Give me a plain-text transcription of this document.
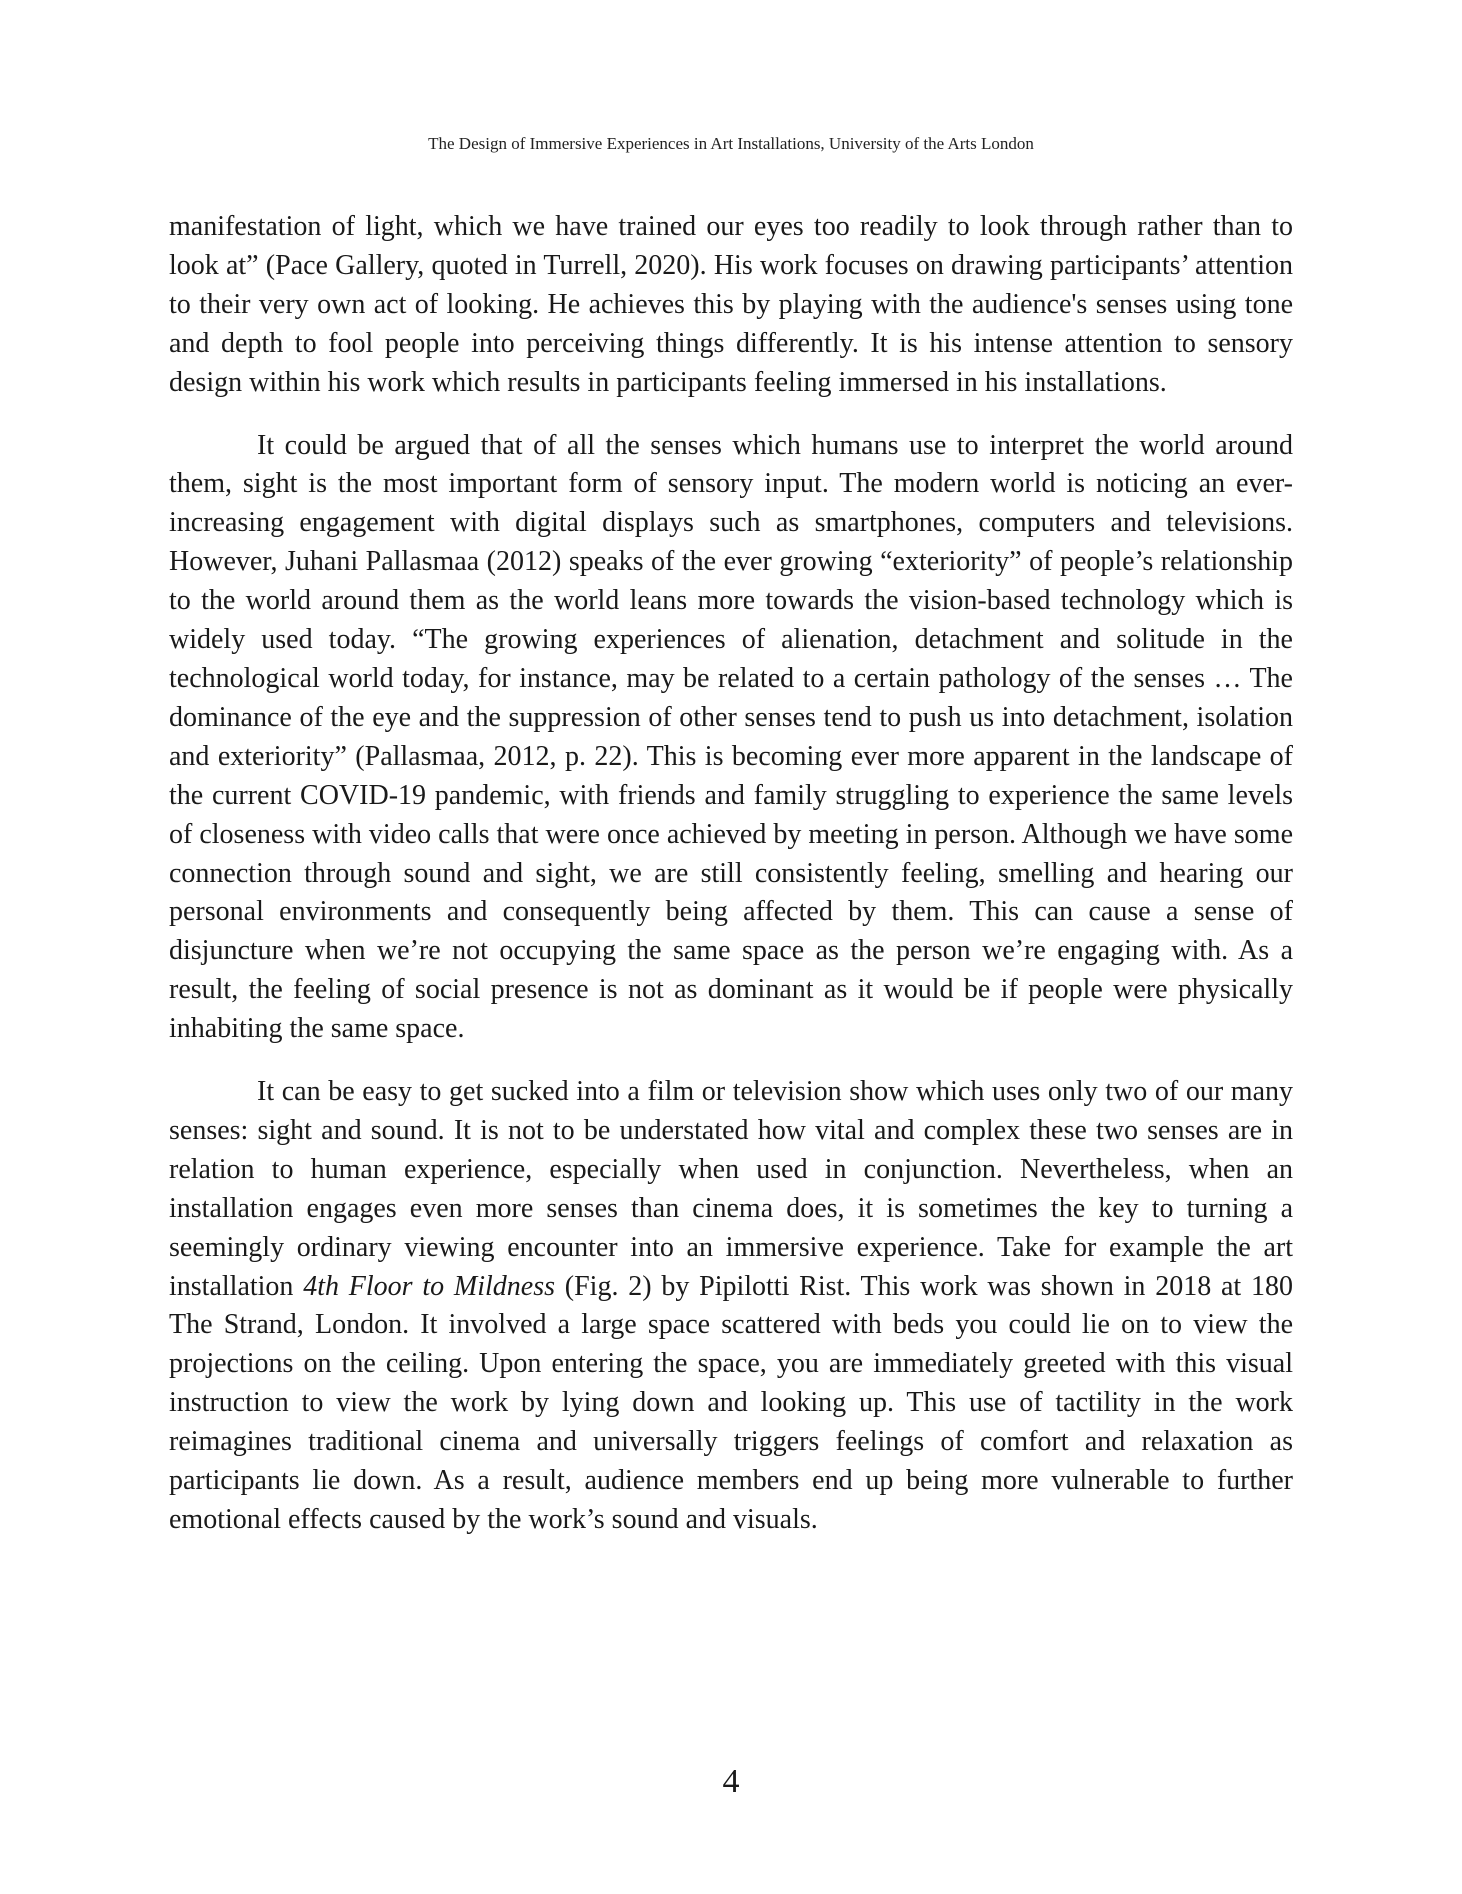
The Design of Immersive Experiences in Art Installations, University of the Arts London

manifestation of light, which we have trained our eyes too readily to look through rather than to look at” (Pace Gallery, quoted in Turrell, 2020). His work focuses on drawing participants’ attention to their very own act of looking. He achieves this by playing with the audience's senses using tone and depth to fool people into perceiving things differently. It is his intense attention to sensory design within his work which results in participants feeling immersed in his installations.

It could be argued that of all the senses which humans use to interpret the world around them, sight is the most important form of sensory input. The modern world is noticing an ever-increasing engagement with digital displays such as smartphones, computers and televisions. However, Juhani Pallasmaa (2012) speaks of the ever growing “exteriority” of people’s relationship to the world around them as the world leans more towards the vision-based technology which is widely used today. “The growing experiences of alienation, detachment and solitude in the technological world today, for instance, may be related to a certain pathology of the senses … The dominance of the eye and the suppression of other senses tend to push us into detachment, isolation and exteriority” (Pallasmaa, 2012, p. 22). This is becoming ever more apparent in the landscape of the current COVID-19 pandemic, with friends and family struggling to experience the same levels of closeness with video calls that were once achieved by meeting in person. Although we have some connection through sound and sight, we are still consistently feeling, smelling and hearing our personal environments and consequently being affected by them. This can cause a sense of disjuncture when we’re not occupying the same space as the person we’re engaging with. As a result, the feeling of social presence is not as dominant as it would be if people were physically inhabiting the same space.

It can be easy to get sucked into a film or television show which uses only two of our many senses: sight and sound. It is not to be understated how vital and complex these two senses are in relation to human experience, especially when used in conjunction. Nevertheless, when an installation engages even more senses than cinema does, it is sometimes the key to turning a seemingly ordinary viewing encounter into an immersive experience. Take for example the art installation 4th Floor to Mildness (Fig. 2) by Pipilotti Rist. This work was shown in 2018 at 180 The Strand, London. It involved a large space scattered with beds you could lie on to view the projections on the ceiling. Upon entering the space, you are immediately greeted with this visual instruction to view the work by lying down and looking up. This use of tactility in the work reimagines traditional cinema and universally triggers feelings of comfort and relaxation as participants lie down. As a result, audience members end up being more vulnerable to further emotional effects caused by the work’s sound and visuals.

4
